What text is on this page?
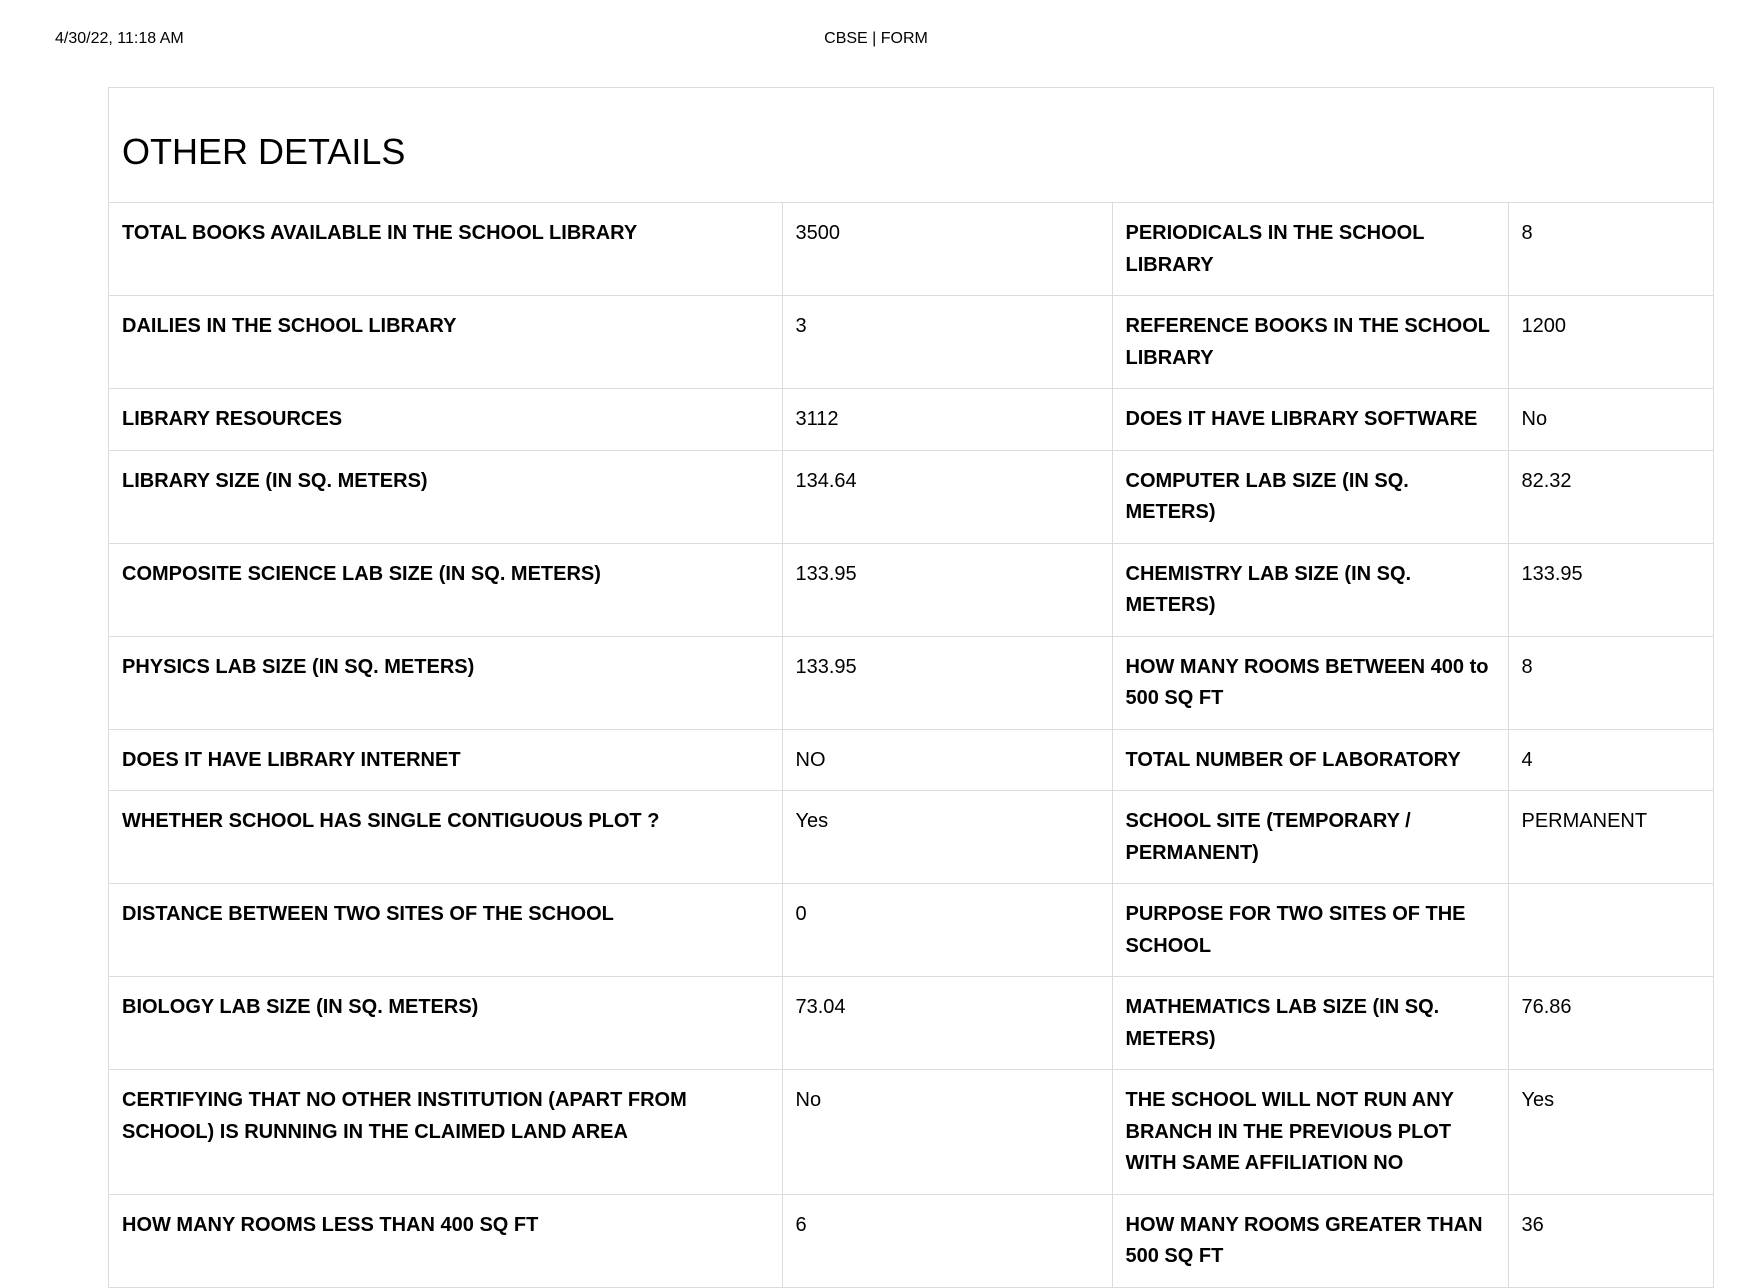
4/30/22, 11:18 AM	CBSE | FORM
OTHER DETAILS
TOTAL BOOKS AVAILABLE IN THE SCHOOL LIBRARY	3500	PERIODICALS IN THE SCHOOL LIBRARY	8
DAILIES IN THE SCHOOL LIBRARY	3	REFERENCE BOOKS IN THE SCHOOL LIBRARY	1200
LIBRARY RESOURCES	3112	DOES IT HAVE LIBRARY SOFTWARE	No
LIBRARY SIZE (IN SQ. METERS)	134.64	COMPUTER LAB SIZE (IN SQ. METERS)	82.32
COMPOSITE SCIENCE LAB SIZE (IN SQ. METERS)	133.95	CHEMISTRY LAB SIZE (IN SQ. METERS)	133.95
PHYSICS LAB SIZE (IN SQ. METERS)	133.95	HOW MANY ROOMS BETWEEN 400 to 500 SQ FT	8
DOES IT HAVE LIBRARY INTERNET	NO	TOTAL NUMBER OF LABORATORY	4
WHETHER SCHOOL HAS SINGLE CONTIGUOUS PLOT ?	Yes	SCHOOL SITE (TEMPORARY / PERMANENT)	PERMANENT
DISTANCE BETWEEN TWO SITES OF THE SCHOOL	0	PURPOSE FOR TWO SITES OF THE SCHOOL	
BIOLOGY LAB SIZE (IN SQ. METERS)	73.04	MATHEMATICS LAB SIZE (IN SQ. METERS)	76.86
CERTIFYING THAT NO OTHER INSTITUTION (APART FROM SCHOOL) IS RUNNING IN THE CLAIMED LAND AREA	No	THE SCHOOL WILL NOT RUN ANY BRANCH IN THE PREVIOUS PLOT WITH SAME AFFILIATION NO	Yes
HOW MANY ROOMS LESS THAN 400 SQ FT	6	HOW MANY ROOMS GREATER THAN 500 SQ FT	36
